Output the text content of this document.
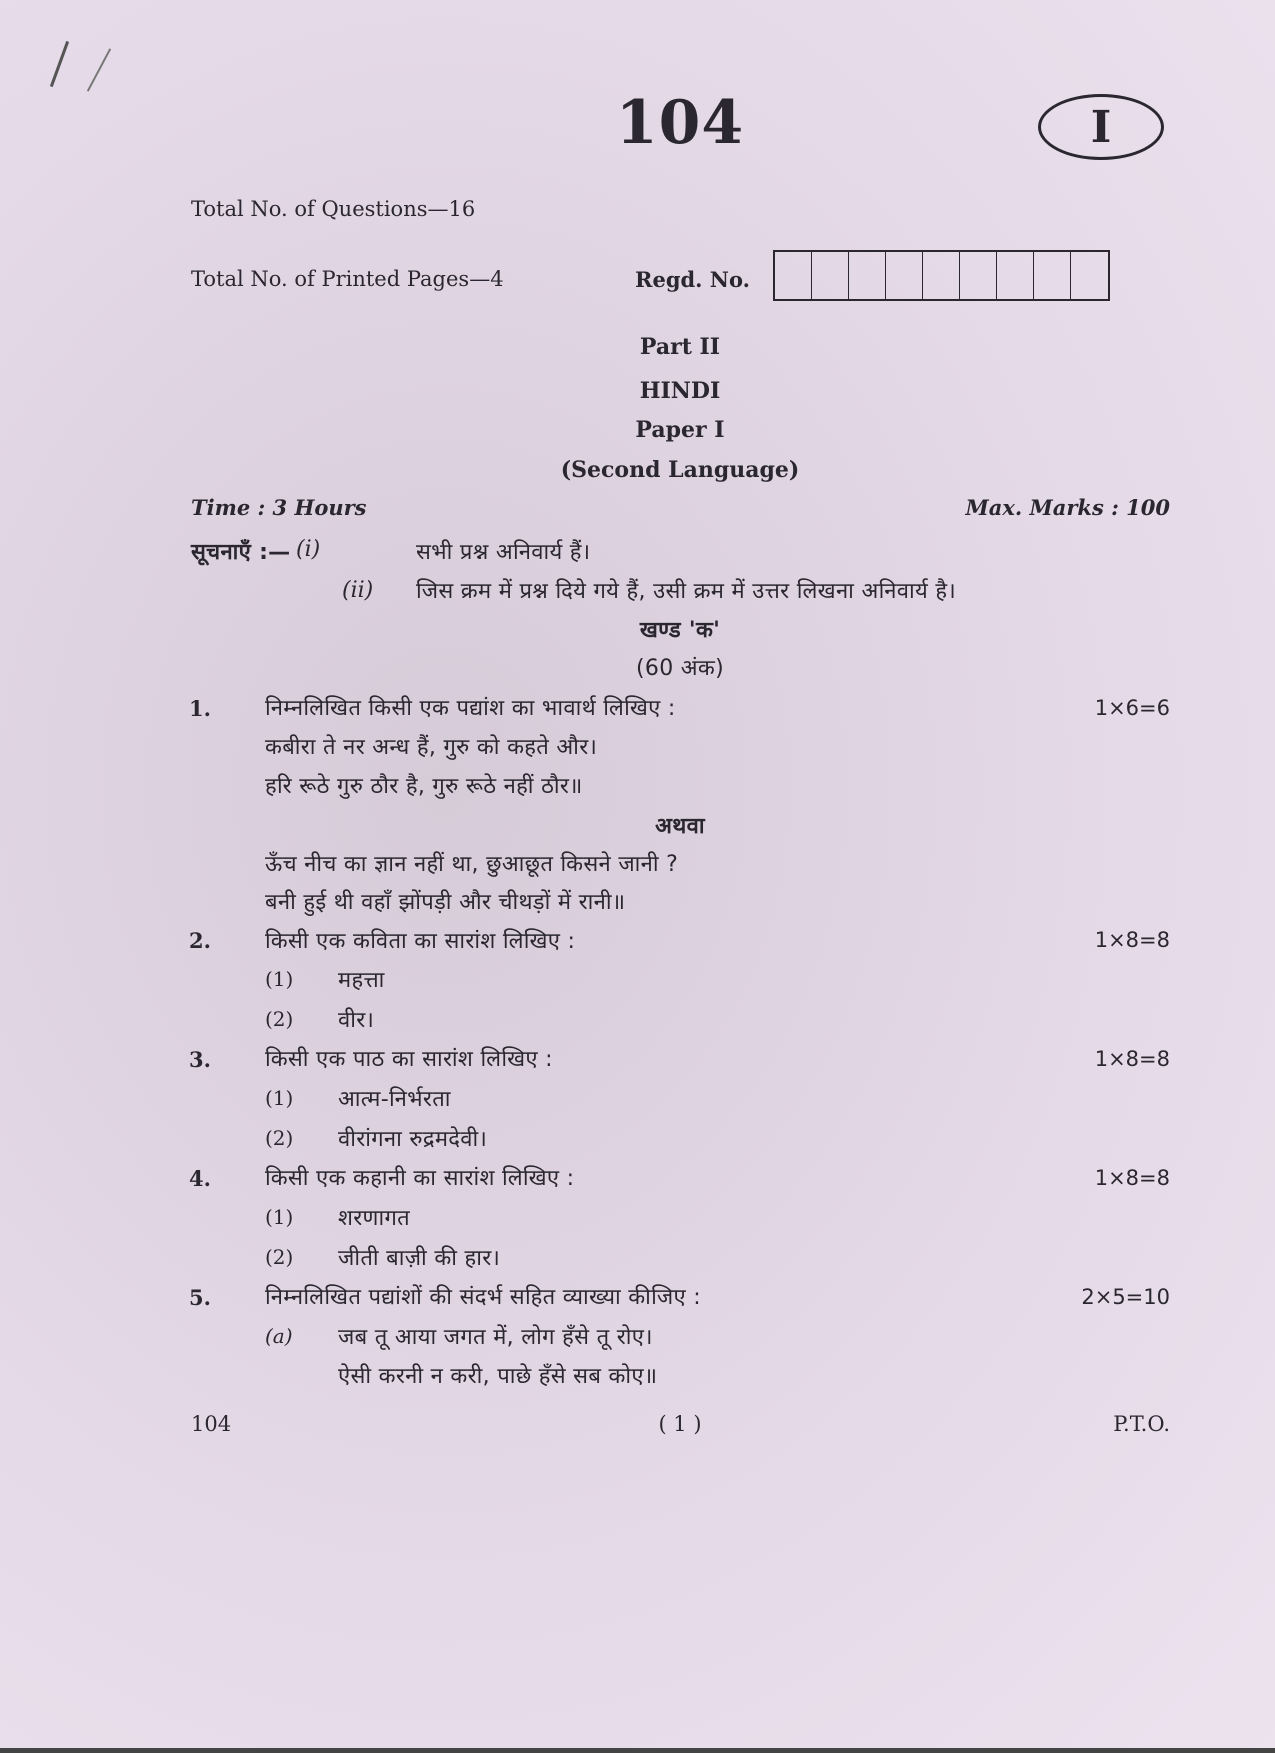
104	I
Total No. of Questions—16
Total No. of Printed Pages—4	Regd. No.
Part II
HINDI
Paper I
(Second Language)
Time : 3 Hours	Max. Marks : 100
सूचनाएँ :— (i)	सभी प्रश्न अनिवार्य हैं।
(ii) जिस क्रम में प्रश्न दिये गये हैं, उसी क्रम में उत्तर लिखना अनिवार्य है।
खण्ड 'क'
(60 अंक)
1. निम्नलिखित किसी एक पद्यांश का भावार्थ लिखिए :	1×6=6
कबीरा ते नर अन्ध हैं, गुरु को कहते और।
हरि रूठे गुरु ठौर है, गुरु रूठे नहीं ठौर॥
अथवा
ऊँच नीच का ज्ञान नहीं था, छुआछूत किसने जानी ?
बनी हुई थी वहाँ झोंपड़ी और चीथड़ों में रानी॥
2. किसी एक कविता का सारांश लिखिए :	1×8=8
(1) महत्ता
(2) वीर।
3. किसी एक पाठ का सारांश लिखिए :	1×8=8
(1) आत्म-निर्भरता
(2) वीरांगना रुद्रमदेवी।
4. किसी एक कहानी का सारांश लिखिए :	1×8=8
(1) शरणागत
(2) जीती बाज़ी की हार।
5. निम्नलिखित पद्यांशों की संदर्भ सहित व्याख्या कीजिए :	2×5=10
(a) जब तू आया जगत में, लोग हँसे तू रोए।
ऐसी करनी न करी, पाछे हँसे सब कोए॥
104	( 1 )	P.T.O.
